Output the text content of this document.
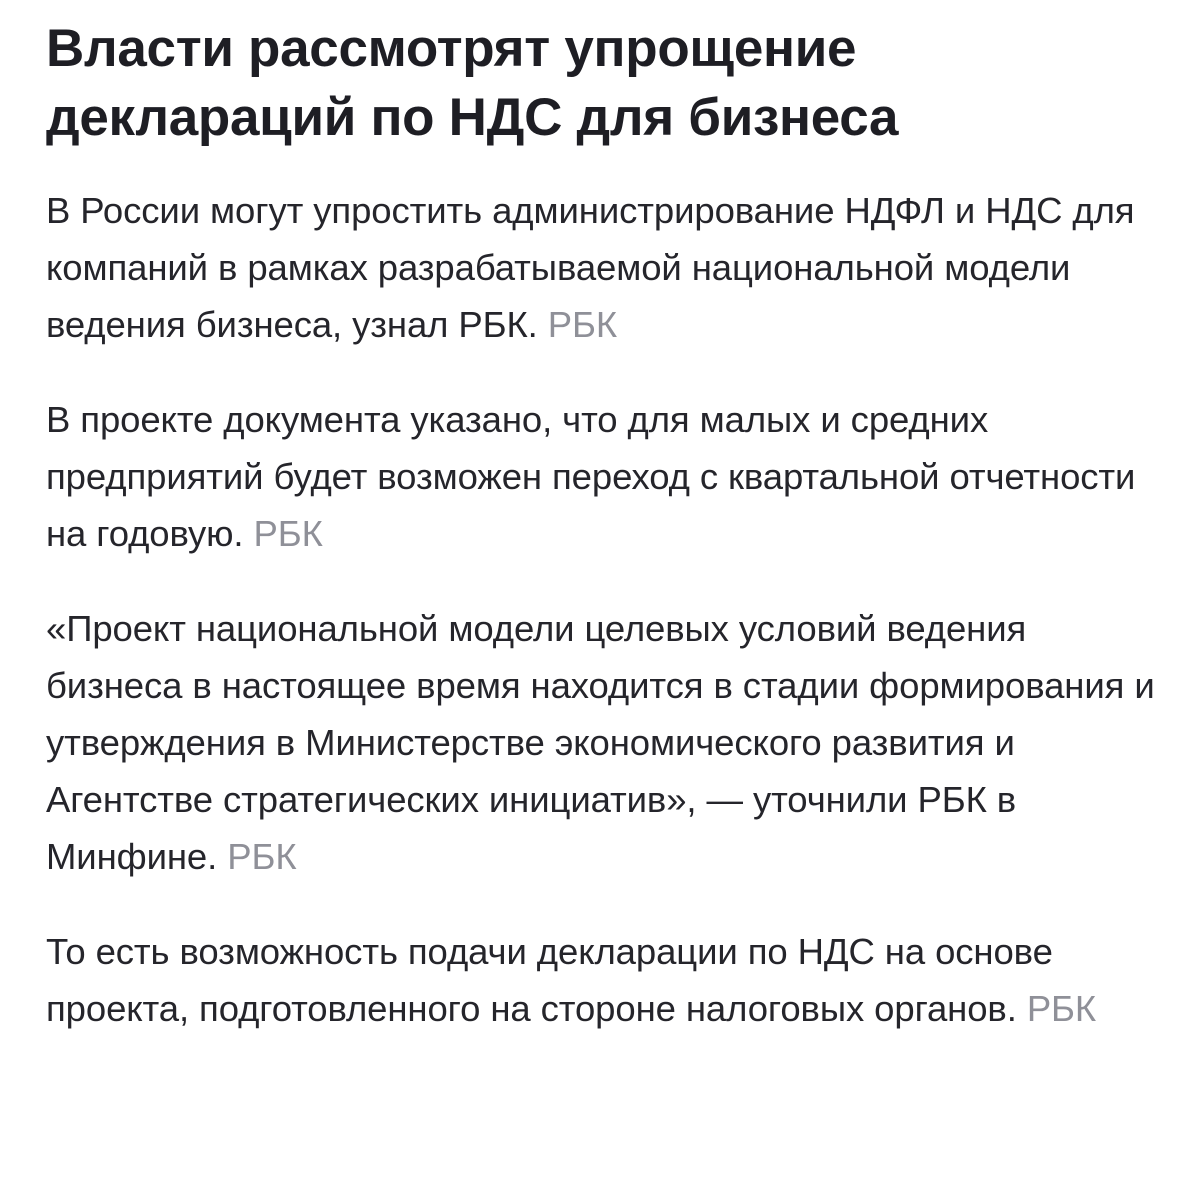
Власти рассмотрят упрощение деклараций по НДС для бизнеса

В России могут упростить администрирование НДФЛ и НДС для компаний в рамках разрабатываемой национальной модели ведения бизнеса, узнал РБК. РБК

В проекте документа указано, что для малых и средних предприятий будет возможен переход с квартальной отчетности на годовую. РБК

«Проект национальной модели целевых условий ведения бизнеса в настоящее время находится в стадии формирования и утверждения в Министерстве экономического развития и Агентстве стратегических инициатив», — уточнили РБК в Минфине. РБК

То есть возможность подачи декларации по НДС на основе проекта, подготовленного на стороне налоговых органов. РБК
